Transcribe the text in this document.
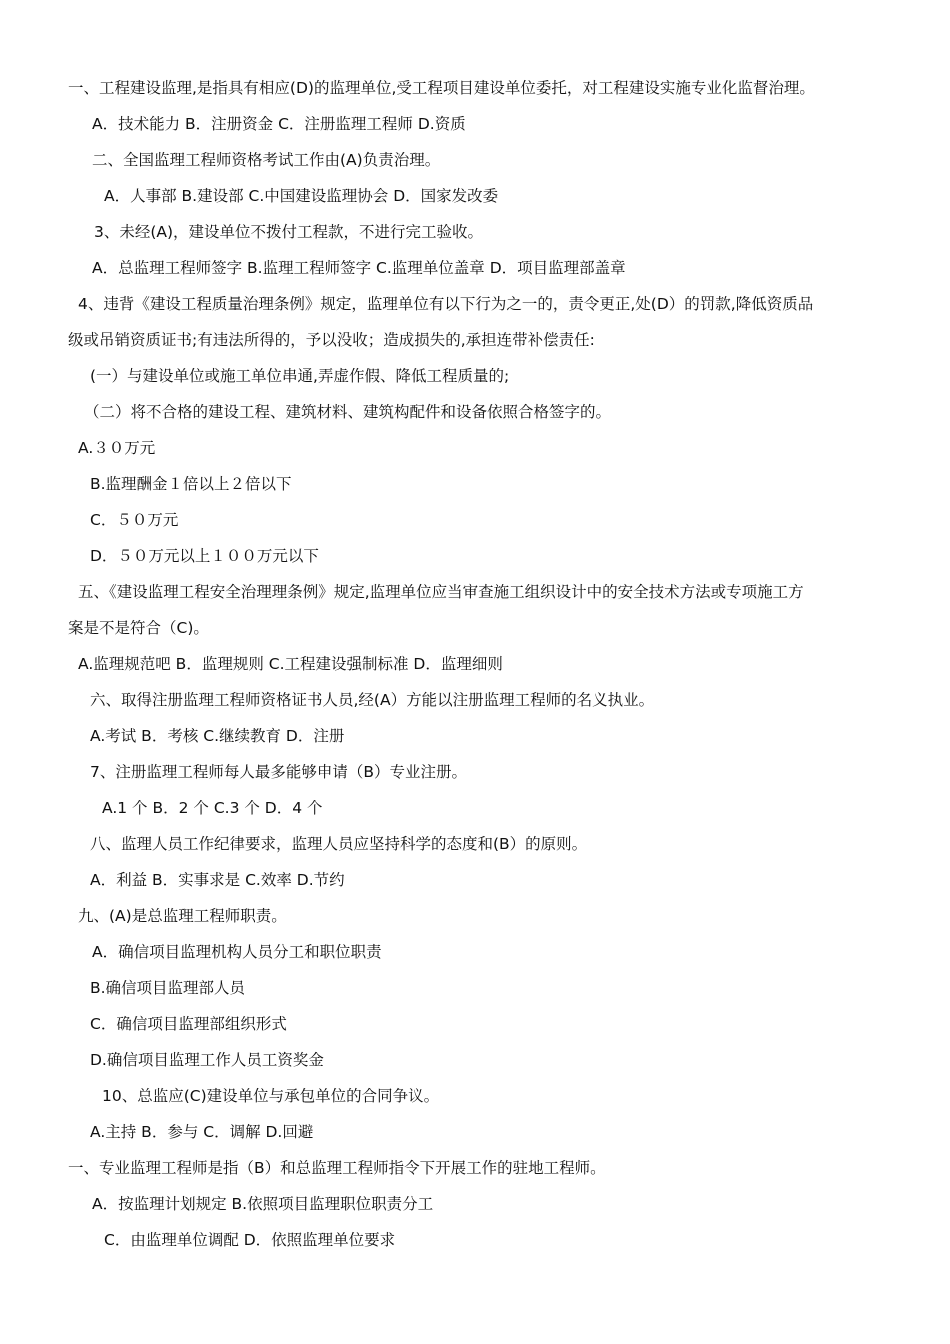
一、工程建设监理,是指具有相应(D)的监理单位,受工程项目建设单位委托，对工程建设实施专业化监督治理。
A．技术能力 B．注册资金 C．注册监理工程师 D.资质
二、全国监理工程师资格考试工作由(A)负责治理。
A．人事部 B.建设部 C.中国建设监理协会 D．国家发改委
3、未经(A)，建设单位不拨付工程款，不进行完工验收。
A．总监理工程师签字 B.监理工程师签字 C.监理单位盖章 D．项目监理部盖章
4、违背《建设工程质量治理条例》规定，监理单位有以下行为之一的，责令更正,处(D）的罚款,降低资质品
级或吊销资质证书;有违法所得的，予以没收；造成损失的,承担连带补偿责任:
(一）与建设单位或施工单位串通,弄虚作假、降低工程质量的;
（二）将不合格的建设工程、建筑材料、建筑构配件和设备依照合格签字的。
A.３０万元
B.监理酬金１倍以上２倍以下
C．５０万元
D．５０万元以上１００万元以下
五、《建设监理工程安全治理理条例》规定,监理单位应当审查施工组织设计中的安全技术方法或专项施工方
案是不是符合（C)。
A.监理规范吧 B．监理规则 C.工程建设强制标准 D．监理细则
六、取得注册监理工程师资格证书人员,经(A）方能以注册监理工程师的名义执业。
A.考试 B．考核 C.继续教育 D．注册
7、注册监理工程师每人最多能够申请（B）专业注册。
A.1 个 B．2 个 C.3 个 D．4 个
八、监理人员工作纪律要求，监理人员应坚持科学的态度和(B）的原则。
A．利益 B．实事求是 C.效率 D.节约
九、(A)是总监理工程师职责。
A．确信项目监理机构人员分工和职位职责
B.确信项目监理部人员
C．确信项目监理部组织形式
D.确信项目监理工作人员工资奖金
10、总监应(C)建设单位与承包单位的合同争议。
A.主持 B．参与 C．调解 D.回避
一、专业监理工程师是指（B）和总监理工程师指令下开展工作的驻地工程师。
A．按监理计划规定 B.依照项目监理职位职责分工
C．由监理单位调配 D．依照监理单位要求
